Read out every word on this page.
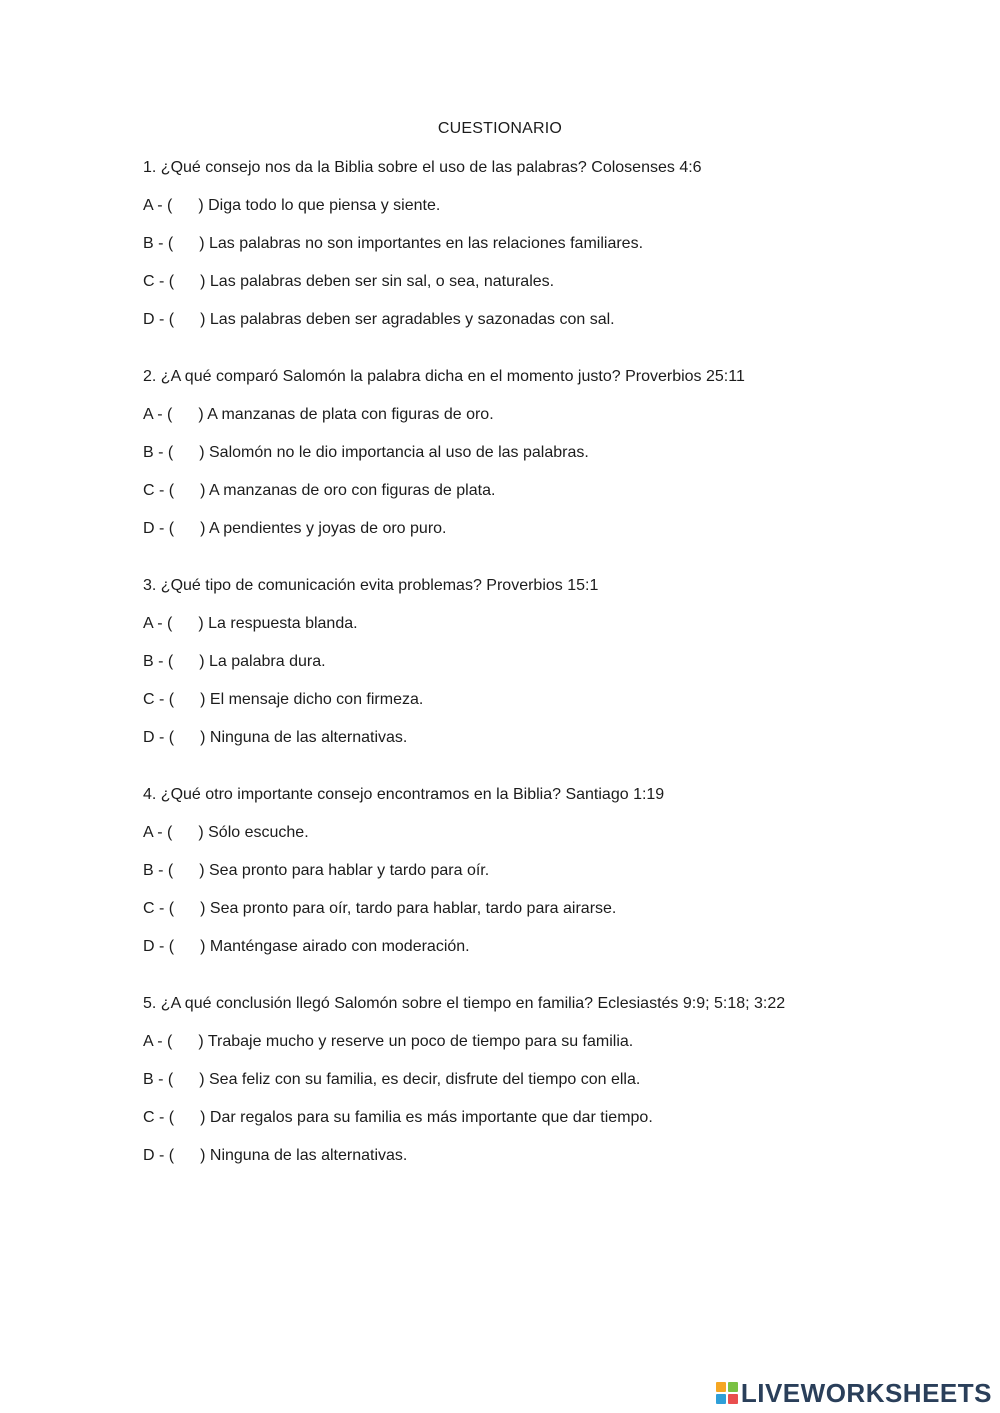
CUESTIONARIO
1. ¿Qué consejo nos da la Biblia sobre el uso de las palabras? Colosenses 4:6
A - ( ) Diga todo lo que piensa y siente.
B - ( ) Las palabras no son importantes en las relaciones familiares.
C - ( ) Las palabras deben ser sin sal, o sea, naturales.
D - ( ) Las palabras deben ser agradables y sazonadas con sal.
2. ¿A qué comparó Salomón la palabra dicha en el momento justo? Proverbios 25:11
A - ( ) A manzanas de plata con figuras de oro.
B - ( ) Salomón no le dio importancia al uso de las palabras.
C - ( ) A manzanas de oro con figuras de plata.
D - ( ) A pendientes y joyas de oro puro.
3. ¿Qué tipo de comunicación evita problemas? Proverbios 15:1
A - ( ) La respuesta blanda.
B - ( ) La palabra dura.
C - ( ) El mensaje dicho con firmeza.
D - ( ) Ninguna de las alternativas.
4. ¿Qué otro importante consejo encontramos en la Biblia? Santiago 1:19
A - ( ) Sólo escuche.
B - ( ) Sea pronto para hablar y tardo para oír.
C - ( ) Sea pronto para oír, tardo para hablar, tardo para airarse.
D - ( ) Manténgase airado con moderación.
5. ¿A qué conclusión llegó Salomón sobre el tiempo en familia? Eclesiastés 9:9; 5:18; 3:22
A - ( ) Trabaje mucho y reserve un poco de tiempo para su familia.
B - ( ) Sea feliz con su familia, es decir, disfrute del tiempo con ella.
C - ( ) Dar regalos para su familia es más importante que dar tiempo.
D - ( ) Ninguna de las alternativas.
LIVEWORKSHEETS
